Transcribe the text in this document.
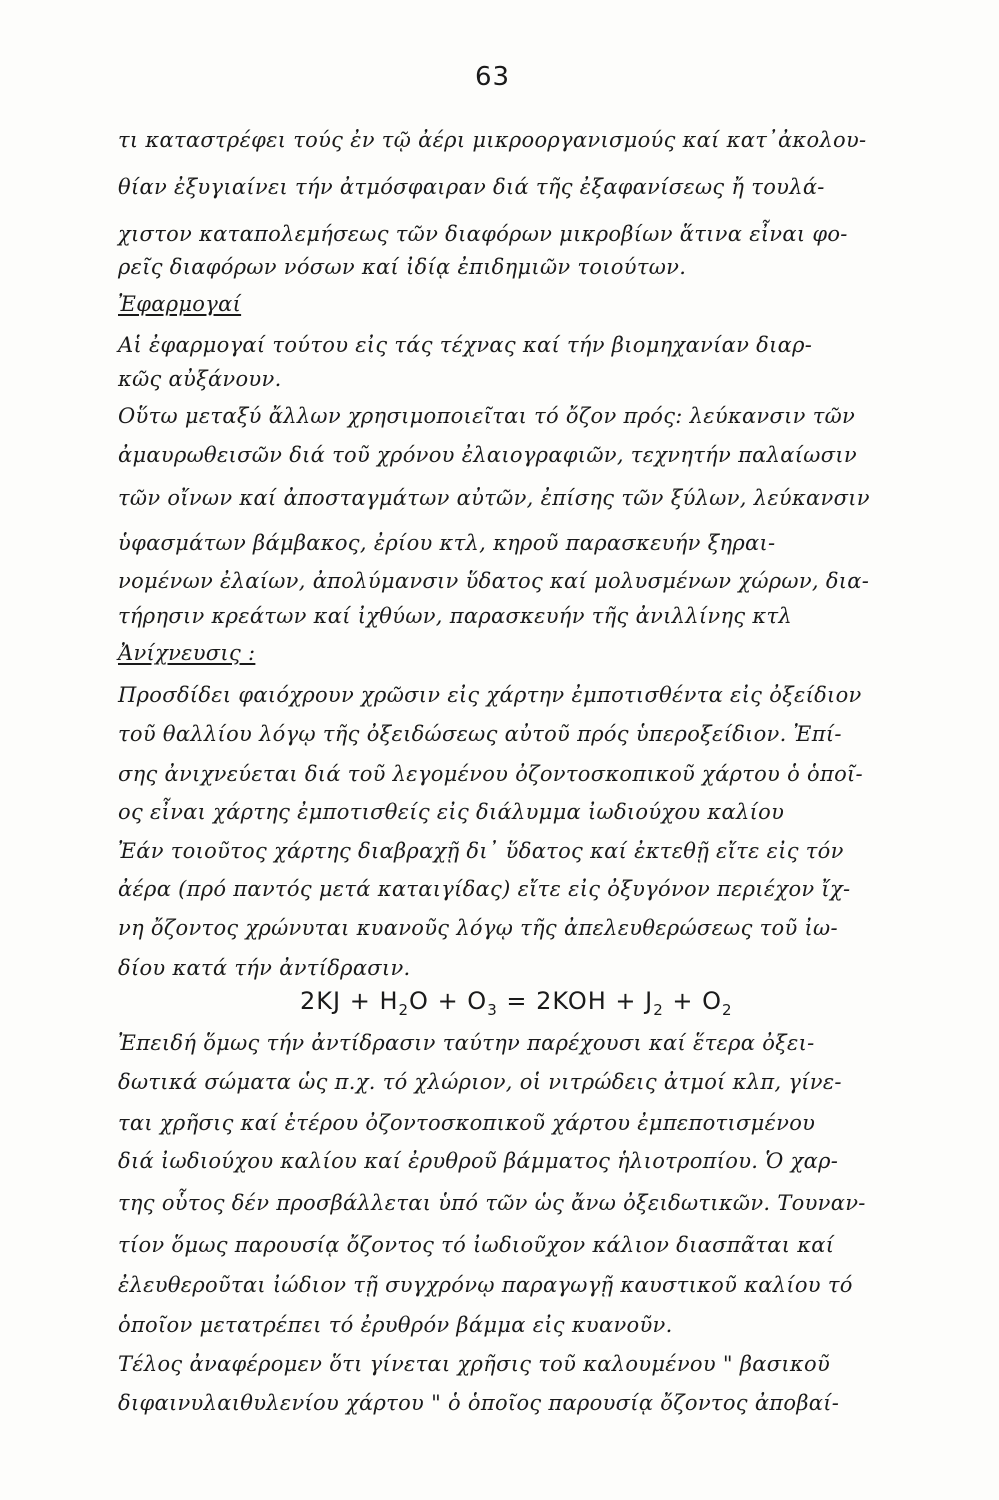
63
τι καταστρέφει τούς ἐν τῷ ἀέρι μικροοργανισμούς καί κατ᾽ἀκολου-
θίαν ἐξυγιαίνει τήν ἀτμόσφαιραν διά τῆς ἐξαφανίσεως ἤ τουλά-
χιστον καταπολεμήσεως τῶν διαφόρων μικροβίων ἅτινα εἶναι φο-
ρεῖς διαφόρων νόσων καί ἰδίᾳ ἐπιδημιῶν τοιούτων.
Ἐφαρμογαί
Αἱ ἐφαρμογαί τούτου εἰς τάς τέχνας καί τήν βιομηχανίαν διαρ-
κῶς αὐξάνουν.
Οὕτω μεταξύ ἄλλων χρησιμοποιεῖται τό ὄζον πρός: λεύκανσιν τῶν
ἀμαυρωθεισῶν διά τοῦ χρόνου ἐλαιογραφιῶν, τεχνητήν παλαίωσιν
τῶν οἴνων καί ἀποσταγμάτων αὐτῶν, ἐπίσης τῶν ξύλων, λεύκανσιν
ὑφασμάτων βάμβακος, ἐρίου κτλ, κηροῦ παρασκευήν ξηραι-
νομένων ἐλαίων, ἀπολύμανσιν ὕδατος καί μολυσμένων χώρων, δια-
τήρησιν κρεάτων καί ἰχθύων, παρασκευήν τῆς ἀνιλλίνης κτλ
Ἀνίχνευσις :
Προσδίδει φαιόχρουν χρῶσιν εἰς χάρτην ἐμποτισθέντα εἰς ὀξείδιον
τοῦ θαλλίου λόγῳ τῆς ὀξειδώσεως αὐτοῦ πρός ὑπεροξείδιον. Ἐπί-
σης ἀνιχνεύεται διά τοῦ λεγομένου ὀζοντοσκοπικοῦ χάρτου ὁ ὁποῖ-
ος εἶναι χάρτης ἐμποτισθείς εἰς διάλυμμα ἰωδιούχου καλίου
Ἐάν τοιοῦτος χάρτης διαβραχῇ δι᾽ ὕδατος καί ἐκτεθῇ εἴτε εἰς τόν
ἀέρα (πρό παντός μετά καταιγίδας) εἴτε εἰς ὀξυγόνον περιέχον ἴχ-
νη ὄζοντος χρώνυται κυανοῦς λόγῳ τῆς ἀπελευθερώσεως τοῦ ἰω-
δίου κατά τήν ἀντίδρασιν.
$2KJ + H_2O + O_3 = 2KOH + J_2 + O_2$
Ἐπειδή ὅμως τήν ἀντίδρασιν ταύτην παρέχουσι καί ἕτερα ὀξει-
δωτικά σώματα ὡς π.χ. τό χλώριον, οἱ νιτρώδεις ἀτμοί κλπ, γίνε-
ται χρῆσις καί ἑτέρου ὀζοντοσκοπικοῦ χάρτου ἐμπεποτισμένου
διά ἰωδιούχου καλίου καί ἐρυθροῦ βάμματος ἡλιοτροπίου. Ὁ χαρ-
της οὗτος δέν προσβάλλεται ὑπό τῶν ὡς ἄνω ὀξειδωτικῶν. Τουναν-
τίον ὅμως παρουσίᾳ ὄζοντος τό ἰωδιοῦχον κάλιον διασπᾶται καί
ἐλευθεροῦται ἰώδιον τῇ συγχρόνῳ παραγωγῇ καυστικοῦ καλίου τό
ὁποῖον μετατρέπει τό ἐρυθρόν βάμμα εἰς κυανοῦν.
Τέλος ἀναφέρομεν ὅτι γίνεται χρῆσις τοῦ καλουμένου " βασικοῦ
διφαινυλαιθυλενίου χάρτου " ὁ ὁποῖος παρουσίᾳ ὄζοντος ἀποβαί-
